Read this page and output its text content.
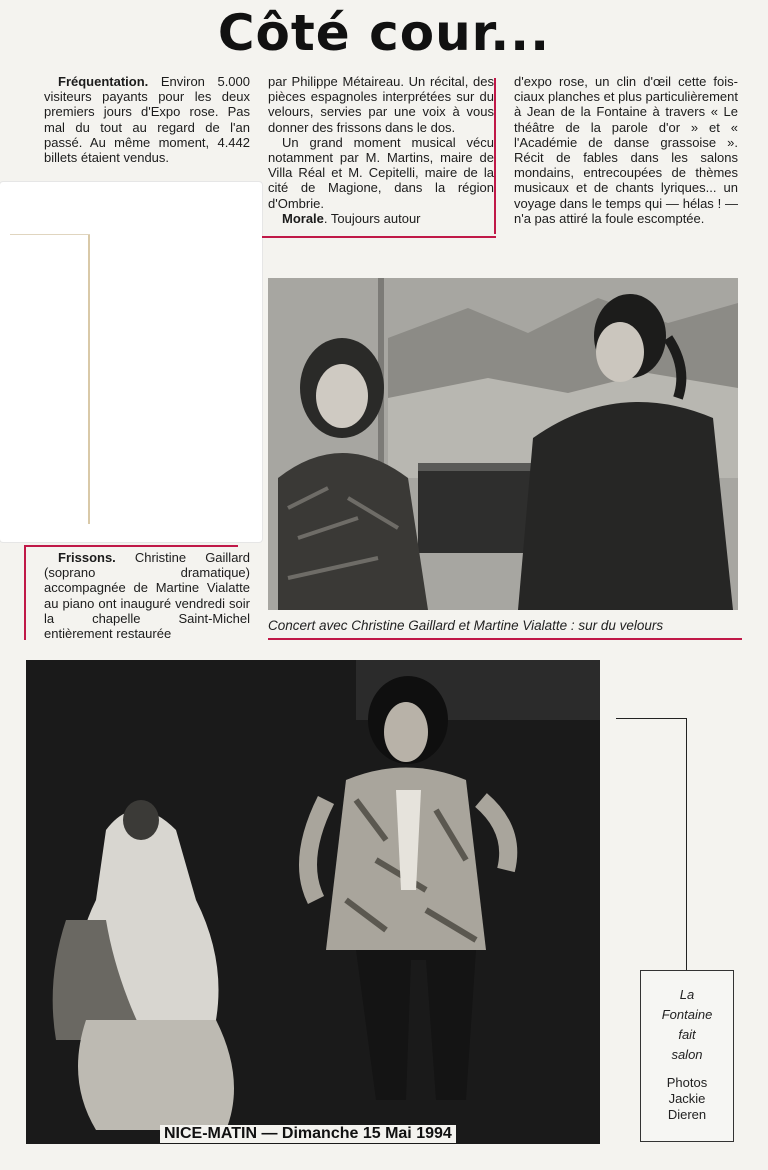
Côté cour...

Fréquentation. Environ 5.000 visiteurs payants pour les deux premiers jours d'Expo rose. Pas mal du tout au regard de l'an passé. Au même moment, 4.442 billets étaient vendus.

Frissons. Christine Gaillard (soprano dramatique) accompagnée de Martine Vialatte au piano ont inauguré vendredi soir la chapelle Saint-Michel entièrement restaurée

par Philippe Métaireau. Un récital, des pièces espagnoles interprétées sur du velours, servies par une voix à vous donner des frissons dans le dos.

Un grand moment musical vécu notamment par M. Martins, maire de Villa Réal et M. Cepitelli, maire de la cité de Magione, dans la région d'Ombrie.

Morale. Toujours autour

d'expo rose, un clin d'œil cette fois-ciaux planches et plus particulièrement à Jean de la Fontaine à travers « Le théâtre de la parole d'or » et « l'Académie de danse grassoise ». Récit de fables dans les salons mondains, entrecoupées de thèmes musicaux et de chants lyriques... un voyage dans le temps qui — hélas ! — n'a pas attiré la foule escomptée.

Concert avec Christine Gaillard et Martine Vialatte : sur du velours
NICE-MATIN — Dimanche 15 Mai 1994
La
Fontaine
fait
salon
Photos
Jackie
Dieren
